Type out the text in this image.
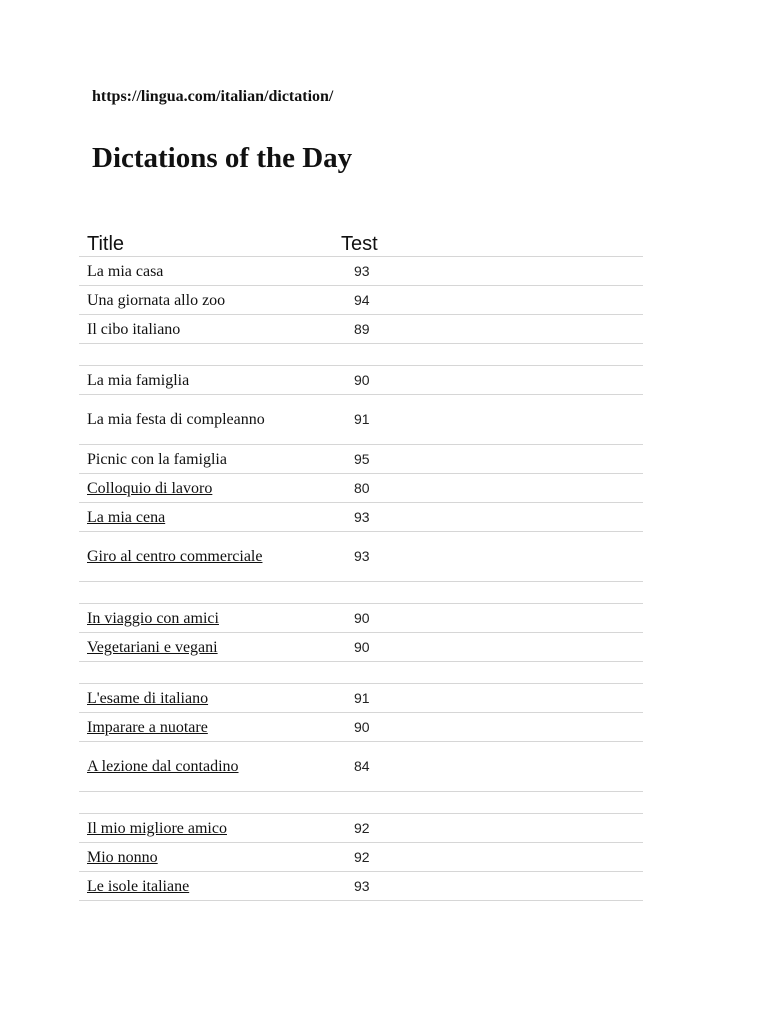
https://lingua.com/italian/dictation/

Dictations of the Day
Title	Test
La mia casa	93
Una giornata allo zoo	94
Il cibo italiano	89

La mia famiglia	90
La mia festa di compleanno	91
Picnic con la famiglia	95
Colloquio di lavoro	80
La mia cena	93
Giro al centro commerciale	93

In viaggio con amici	90
Vegetariani e vegani	90

L'esame di italiano	91
Imparare a nuotare	90
A lezione dal contadino	84

Il mio migliore amico	92
Mio nonno	92
Le isole italiane	93
